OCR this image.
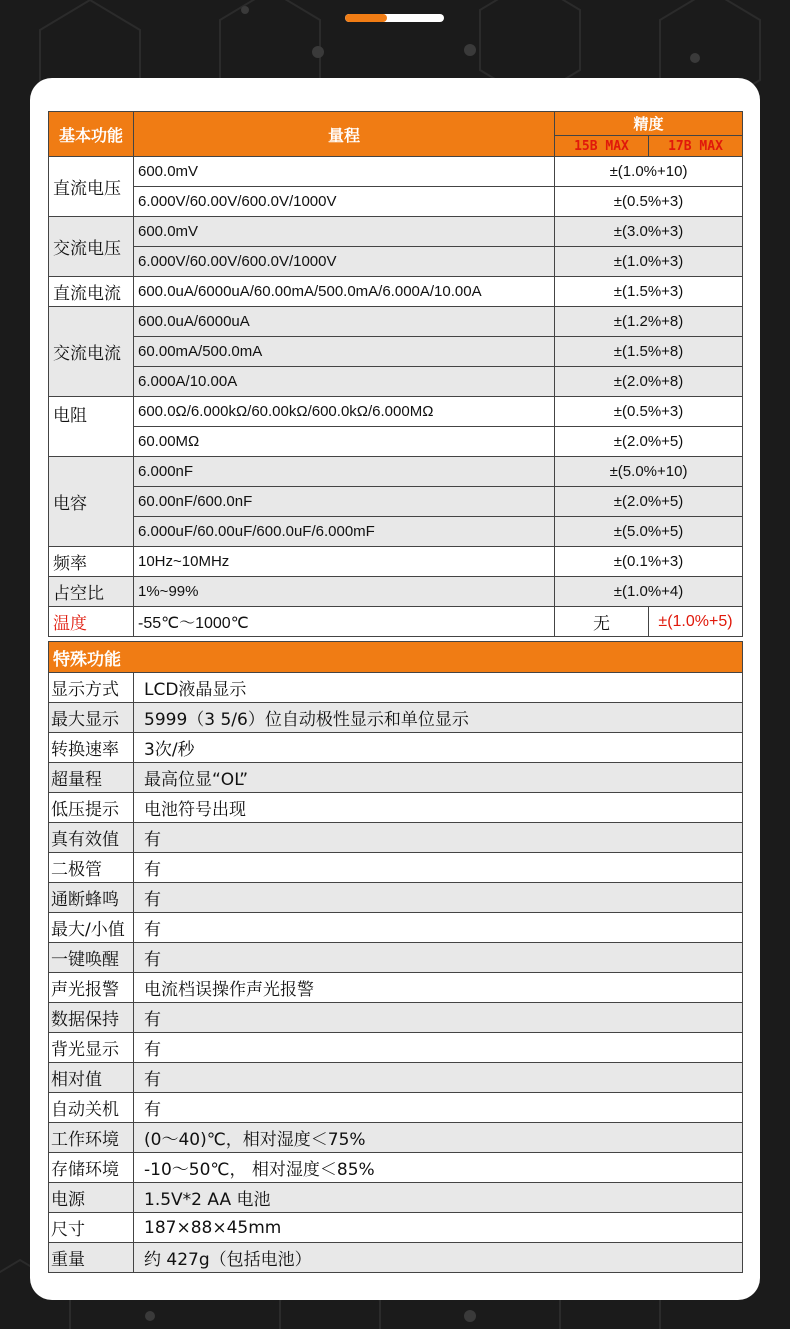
基本功能	量程	精度	
		15B MAX	17B MAX
直流电压	600.0mV	±(1.0%+10)	
	6.000V/60.00V/600.0V/1000V	±(0.5%+3)	
交流电压	600.0mV	±(3.0%+3)	
	6.000V/60.00V/600.0V/1000V	±(1.0%+3)	
直流电流	600.0uA/6000uA/60.00mA/500.0mA/6.000A/10.00A	±(1.5%+3)	
交流电流	600.0uA/6000uA	±(1.2%+8)	
	60.00mA/500.0mA	±(1.5%+8)	
	6.000A/10.00A	±(2.0%+8)	
电阻	600.0Ω/6.000kΩ/60.00kΩ/600.0kΩ/6.000MΩ	±(0.5%+3)	
	60.00MΩ	±(2.0%+5)	
电容	6.000nF	±(5.0%+10)	
	60.00nF/600.0nF	±(2.0%+5)	
	6.000uF/60.00uF/600.0uF/6.000mF	±(5.0%+5)	
频率	10Hz~10MHz	±(0.1%+3)	
占空比	1%~99%	±(1.0%+4)	
温度	-55℃～1000℃	无	±(1.0%+5)
特殊功能	
显示方式	LCD液晶显示
最大显示	5999（3 5/6）位自动极性显示和单位显示
转换速率	3次/秒
超量程	最高位显“OL”
低压提示	电池符号出现
真有效值	有
二极管	有
通断蜂鸣	有
最大/小值	有
一键唤醒	有
声光报警	电流档误操作声光报警
数据保持	有
背光显示	有
相对值	有
自动关机	有
工作环境	(0～40)℃，相对湿度＜75%
存储环境	-10～50℃， 相对湿度＜85%
电源	1.5V*2 AA 电池
尺寸	187×88×45mm
重量	约 427g（包括电池）
